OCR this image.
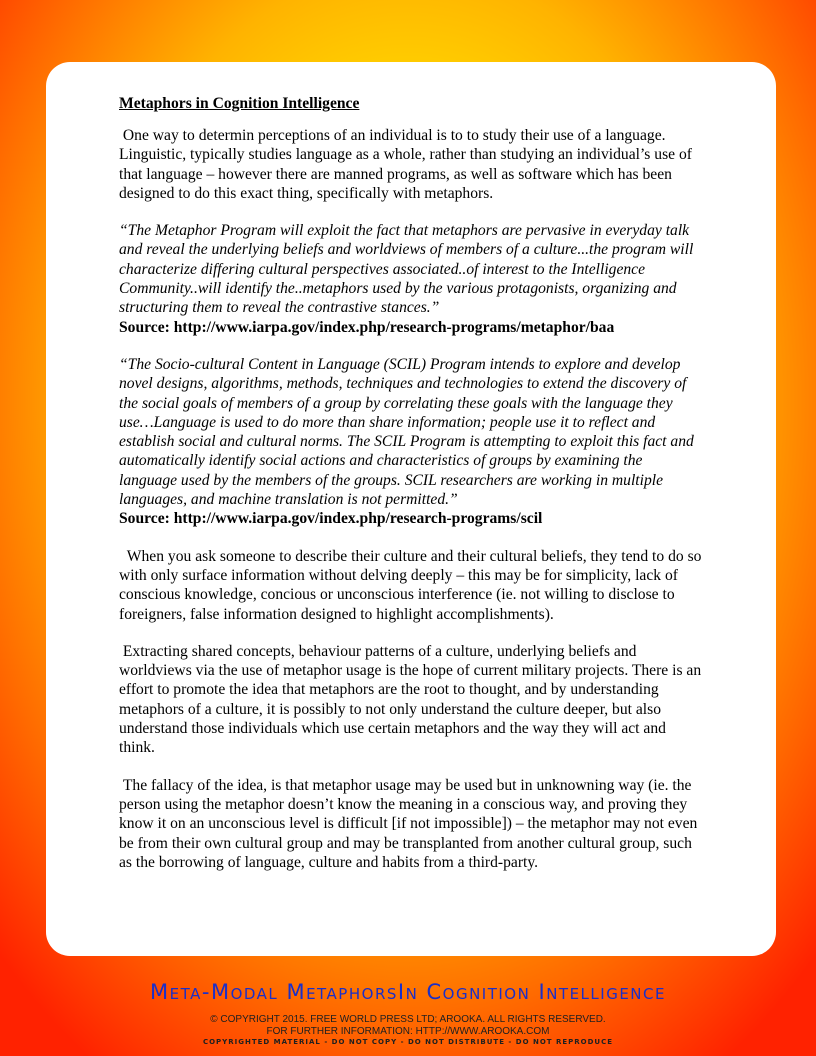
Metaphors in Cognition Intelligence

One way to determin perceptions of an individual is to to study their use of a language. Linguistic, typically studies language as a whole, rather than studying an individual’s use of that language – however there are manned programs, as well as software which has been designed to do this exact thing, specifically with metaphors.

“The Metaphor Program will exploit the fact that metaphors are pervasive in everyday talk and reveal the underlying beliefs and worldviews of members of a culture...the program will characterize differing cultural perspectives associated..of interest to the Intelligence Community..will identify the..metaphors used by the various protagonists, organizing and structuring them to reveal the contrastive stances.”

Source: http://www.iarpa.gov/index.php/research-programs/metaphor/baa

“The Socio-cultural Content in Language (SCIL) Program intends to explore and develop novel designs, algorithms, methods, techniques and technologies to extend the discovery of the social goals of members of a group by correlating these goals with the language they use…Language is used to do more than share information; people use it to reflect and establish social and cultural norms. The SCIL Program is attempting to exploit this fact and automatically identify social actions and characteristics of groups by examining the language used by the members of the groups. SCIL researchers are working in multiple languages, and machine translation is not permitted.”

Source: http://www.iarpa.gov/index.php/research-programs/scil

When you ask someone to describe their culture and their cultural beliefs, they tend to do so with only surface information without delving deeply – this may be for simplicity, lack of conscious knowledge, concious or unconscious interference (ie. not willing to disclose to foreigners, false information designed to highlight accomplishments).

Extracting shared concepts, behaviour patterns of a culture, underlying beliefs and worldviews via the use of metaphor usage is the hope of current military projects. There is an effort to promote the idea that metaphors are the root to thought, and by understanding metaphors of a culture, it is possibly to not only understand the culture deeper, but also understand those individuals which use certain metaphors and the way they will act and think.

The fallacy of the idea, is that metaphor usage may be used but in unknowning way (ie. the person using the metaphor doesn’t know the meaning in a conscious way, and proving they know it on an unconscious level is difficult [if not impossible]) – the metaphor may not even be from their own cultural group and may be transplanted from another cultural group, such as the borrowing of language, culture and habits from a third-party.

Meta-Modal MetaphorsIn Cognition Intelligence
© COPYRIGHT 2015. FREE WORLD PRESS LTD; AROOKA. ALL RIGHTS RESERVED.
FOR FURTHER INFORMATION: HTTP://WWW.AROOKA.COM
COPYRIGHTED MATERIAL - DO NOT COPY - DO NOT DISTRIBUTE - DO NOT REPRODUCE
